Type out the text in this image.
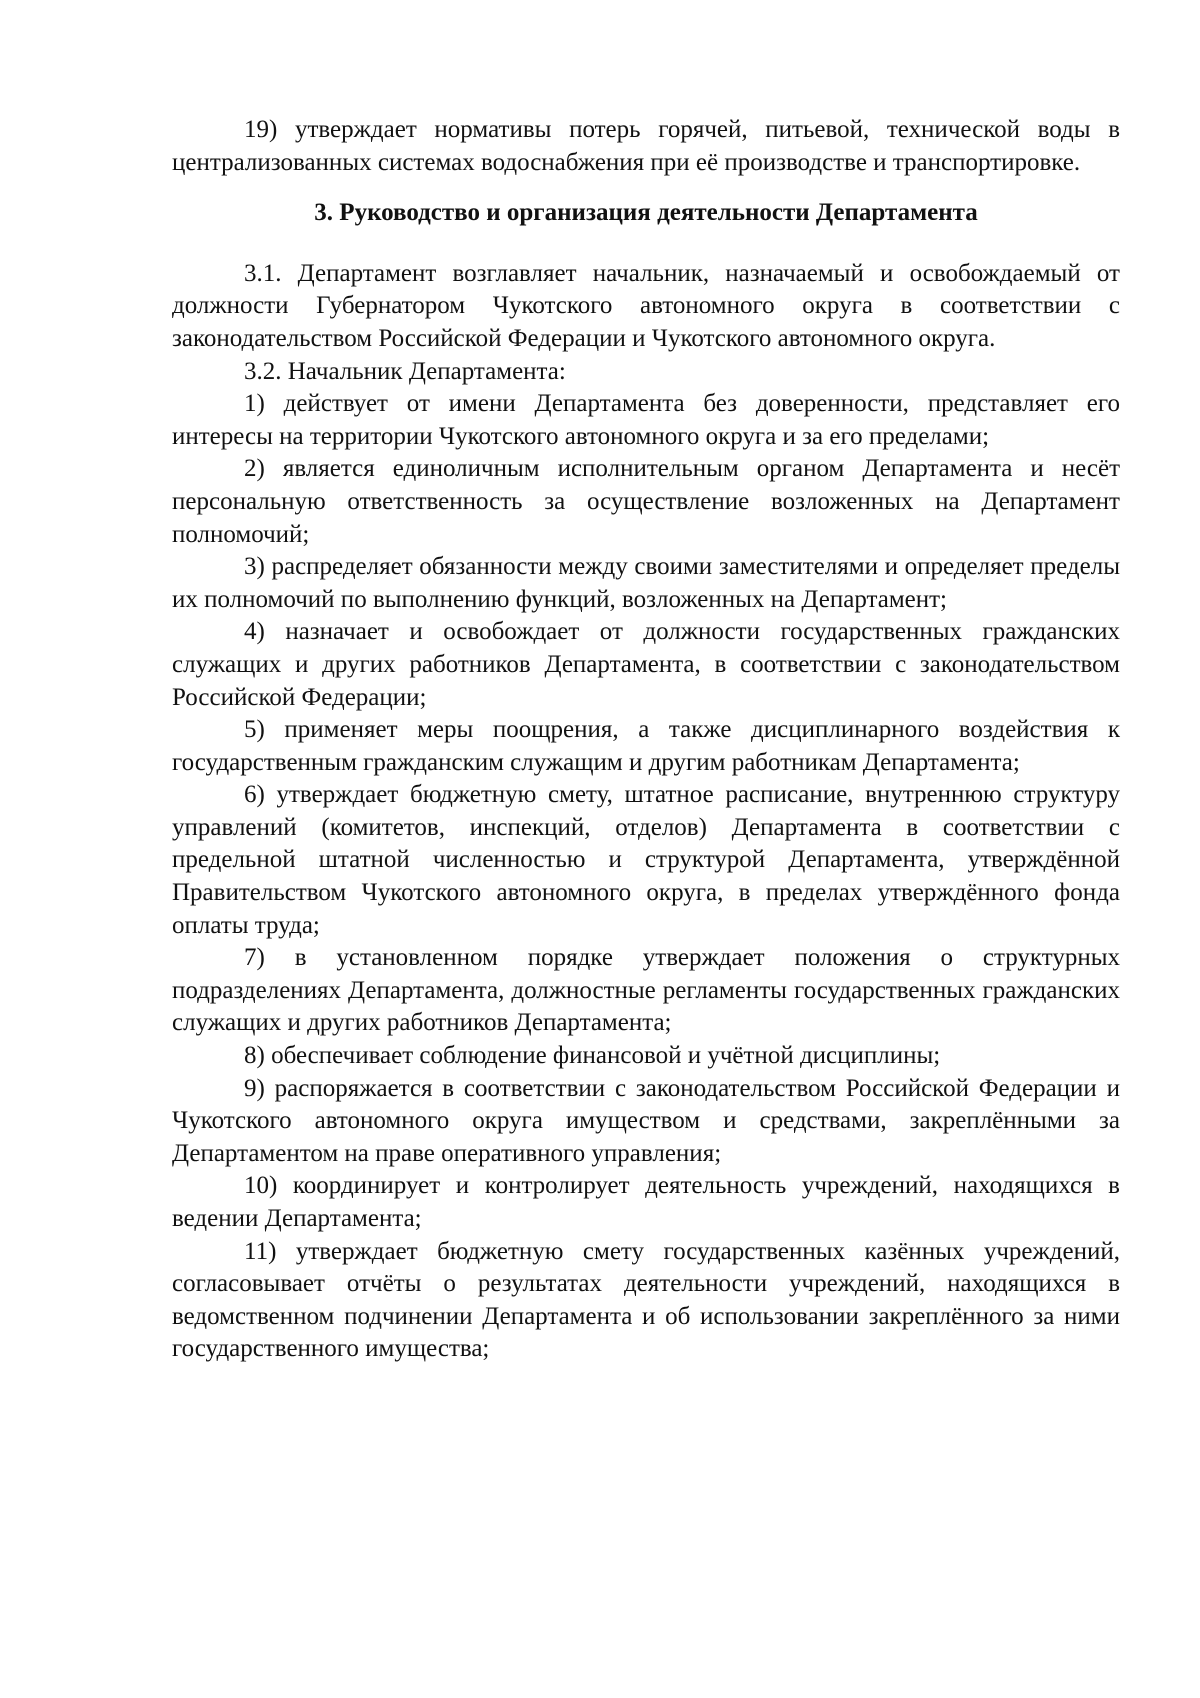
19) утверждает нормативы потерь горячей, питьевой, технической воды в централизованных системах водоснабжения при её производстве и транспортировке.

3. Руководство и организация деятельности Департамента

3.1. Департамент возглавляет начальник, назначаемый и освобождаемый от должности Губернатором Чукотского автономного округа в соответствии с законодательством Российской Федерации и Чукотского автономного округа.

3.2. Начальник Департамента:

1) действует от имени Департамента без доверенности, представляет его интересы на территории Чукотского автономного округа и за его пределами;

2) является единоличным исполнительным органом Департамента и несёт персональную ответственность за осуществление возложенных на Департамент полномочий;

3) распределяет обязанности между своими заместителями и определяет пределы их полномочий по выполнению функций, возложенных на Департамент;

4) назначает и освобождает от должности государственных гражданских служащих и других работников Департамента, в соответствии с законодательством Российской Федерации;

5) применяет меры поощрения, а также дисциплинарного воздействия к государственным гражданским служащим и другим работникам Департамента;

6) утверждает бюджетную смету, штатное расписание, внутреннюю структуру управлений (комитетов, инспекций, отделов) Департамента в соответствии с предельной штатной численностью и структурой Департамента, утверждённой Правительством Чукотского автономного округа, в пределах утверждённого фонда оплаты труда;

7) в установленном порядке утверждает положения о структурных подразделениях Департамента, должностные регламенты государственных гражданских служащих и других работников Департамента;

8) обеспечивает соблюдение финансовой и учётной дисциплины;

9) распоряжается в соответствии с законодательством Российской Федерации и Чукотского автономного округа имуществом и средствами, закреплёнными за Департаментом на праве оперативного управления;

10) координирует и контролирует деятельность учреждений, находящихся в ведении Департамента;

11) утверждает бюджетную смету государственных казённых учреждений, согласовывает отчёты о результатах деятельности учреждений, находящихся в ведомственном подчинении Департамента и об использовании закреплённого за ними государственного имущества;
